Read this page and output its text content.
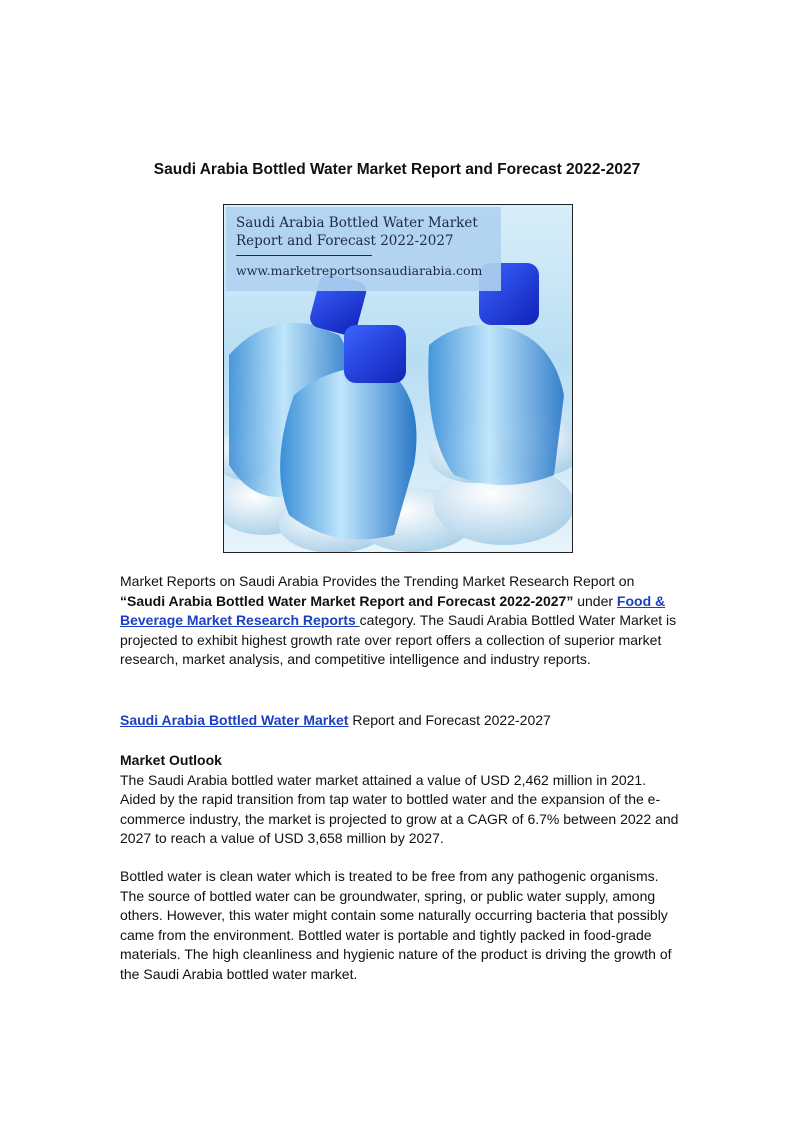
Saudi Arabia Bottled Water Market Report and Forecast 2022-2027
Saudi Arabia Bottled Water Market
Report and Forecast 2022-2027
www.marketreportsonsaudiarabia.com
Market Reports on Saudi Arabia Provides the Trending Market Research Report on “Saudi Arabia Bottled Water Market Report and Forecast 2022-2027” under Food & Beverage Market Research Reports category. The Saudi Arabia Bottled Water Market is projected to exhibit highest growth rate over report offers a collection of superior market research, market analysis, and competitive intelligence and industry reports.
Saudi Arabia Bottled Water Market Report and Forecast 2022-2027
Market Outlook
The Saudi Arabia bottled water market attained a value of USD 2,462 million in 2021. Aided by the rapid transition from tap water to bottled water and the expansion of the e-commerce industry, the market is projected to grow at a CAGR of 6.7% between 2022 and 2027 to reach a value of USD 3,658 million by 2027.
Bottled water is clean water which is treated to be free from any pathogenic organisms. The source of bottled water can be groundwater, spring, or public water supply, among others. However, this water might contain some naturally occurring bacteria that possibly came from the environment. Bottled water is portable and tightly packed in food-grade materials. The high cleanliness and hygienic nature of the product is driving the growth of the Saudi Arabia bottled water market.
